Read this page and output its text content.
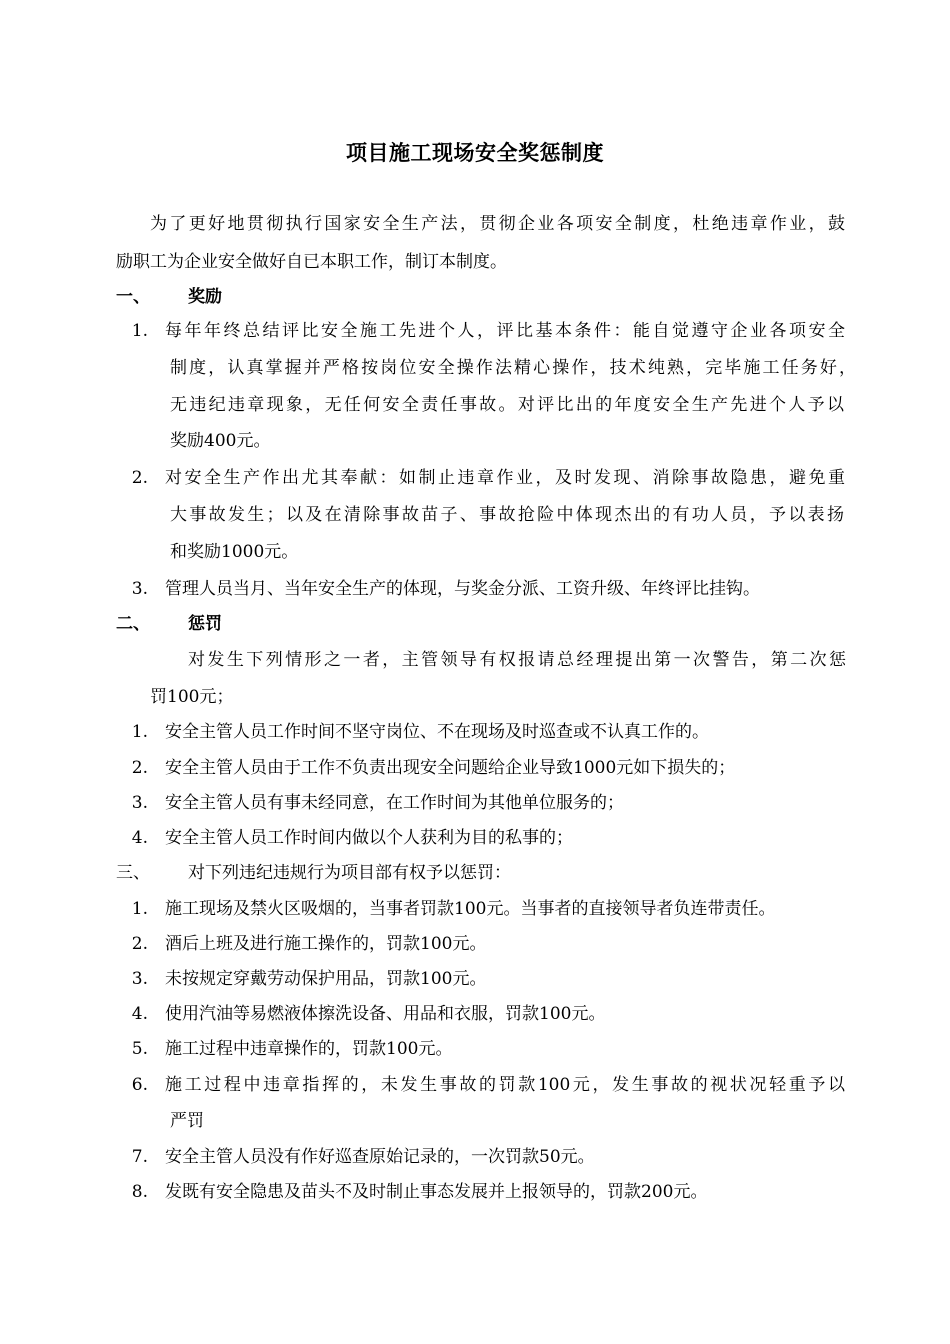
项目施工现场安全奖惩制度
为了更好地贯彻执行国家安全生产法，贯彻企业各项安全制度，杜绝违章作业，鼓
励职工为企业安全做好自已本职工作，制订本制度。
一、 奖励
1. 每年年终总结评比安全施工先进个人，评比基本条件：能自觉遵守企业各项安全
制度，认真掌握并严格按岗位安全操作法精心操作，技术纯熟，完毕施工任务好，
无违纪违章现象，无任何安全责任事故。对评比出的年度安全生产先进个人予以
奖励400元。
2. 对安全生产作出尤其奉献：如制止违章作业，及时发现、消除事故隐患，避免重
大事故发生；以及在清除事故苗子、事故抢险中体现杰出的有功人员，予以表扬
和奖励1000元。
3. 管理人员当月、当年安全生产的体现，与奖金分派、工资升级、年终评比挂钩。
二、 惩罚
对发生下列情形之一者，主管领导有权报请总经理提出第一次警告，第二次惩
罚100元；
1. 安全主管人员工作时间不坚守岗位、不在现场及时巡查或不认真工作的。
2. 安全主管人员由于工作不负责出现安全问题给企业导致1000元如下损失的；
3. 安全主管人员有事未经同意，在工作时间为其他单位服务的；
4. 安全主管人员工作时间内做以个人获利为目的私事的；
三、 对下列违纪违规行为项目部有权予以惩罚：
1. 施工现场及禁火区吸烟的，当事者罚款100元。当事者的直接领导者负连带责任。
2. 酒后上班及进行施工操作的，罚款100元。
3. 未按规定穿戴劳动保护用品，罚款100元。
4. 使用汽油等易燃液体擦洗设备、用品和衣服，罚款100元。
5. 施工过程中违章操作的，罚款100元。
6. 施工过程中违章指挥的，未发生事故的罚款100元，发生事故的视状况轻重予以
严罚
7. 安全主管人员没有作好巡查原始记录的，一次罚款50元。
8. 发既有安全隐患及苗头不及时制止事态发展并上报领导的，罚款200元。
